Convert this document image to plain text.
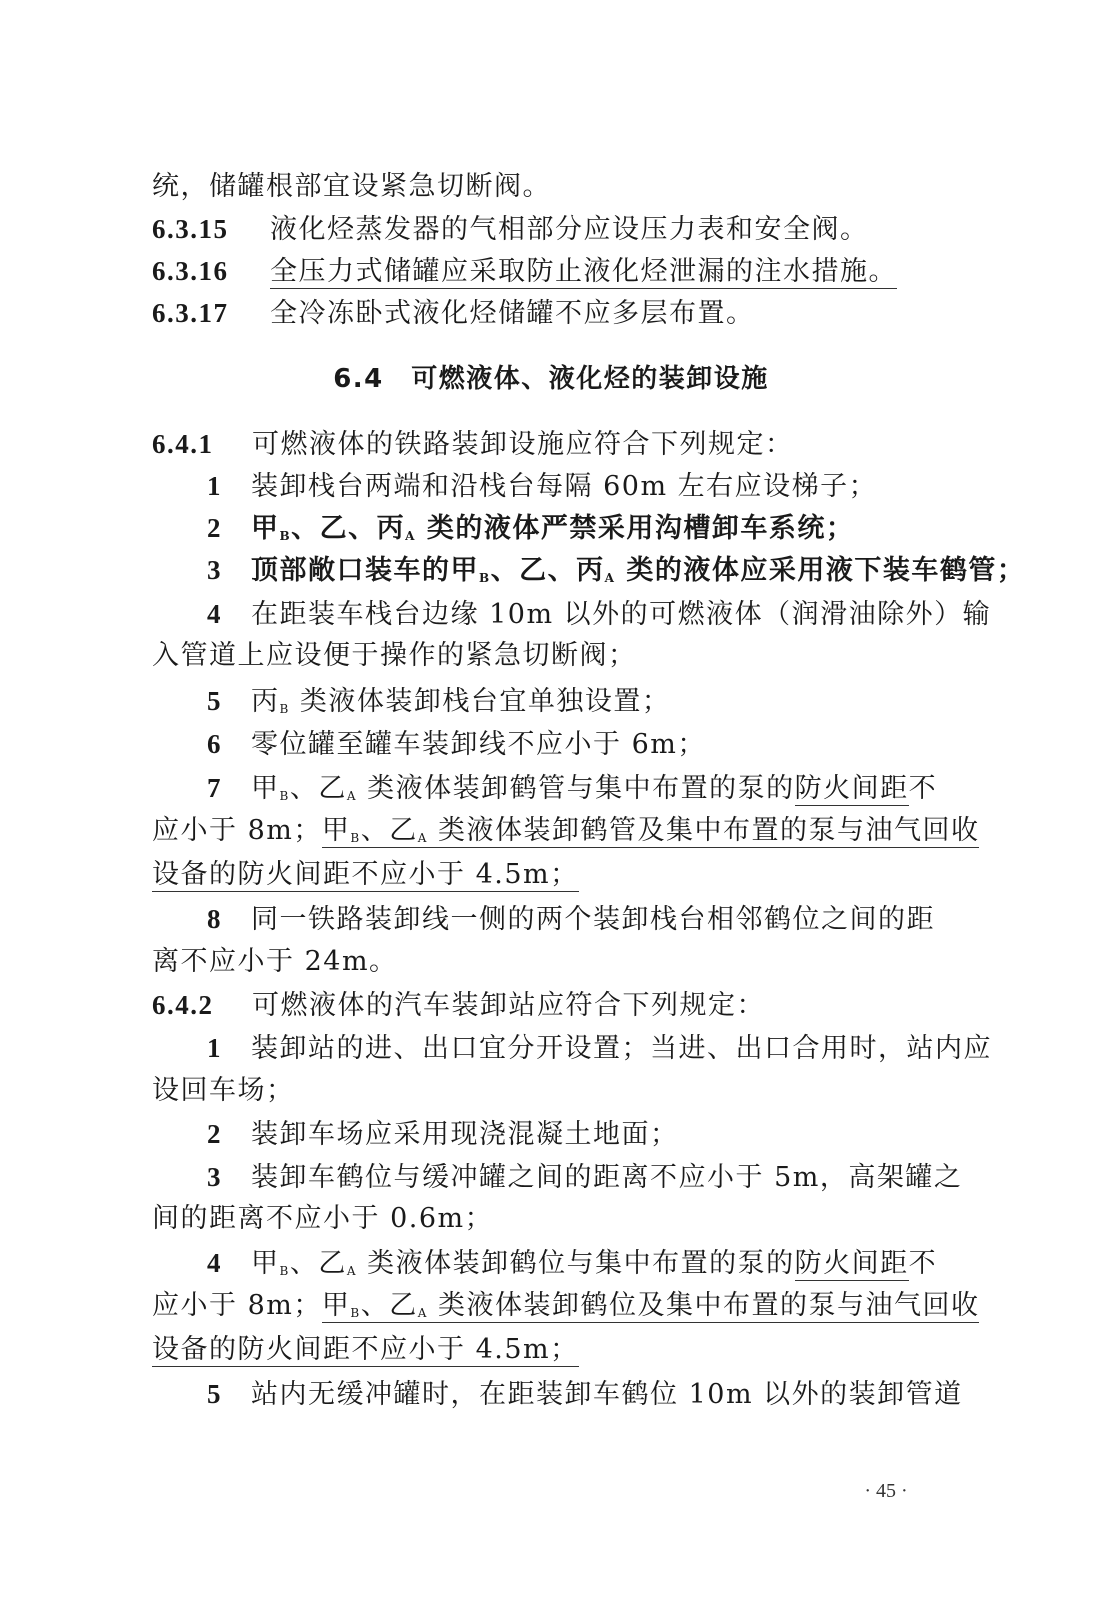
统，储罐根部宜设紧急切断阀。
6.3.15 液化烃蒸发器的气相部分应设压力表和安全阀。
6.3.16 全压力式储罐应采取防止液化烃泄漏的注水措施。
6.3.17 全冷冻卧式液化烃储罐不应多层布置。
6.4　可燃液体、液化烃的装卸设施
6.4.1 可燃液体的铁路装卸设施应符合下列规定：
1 装卸栈台两端和沿栈台每隔 60m 左右应设梯子；
2 甲$_B$、乙、丙$_A$ 类的液体严禁采用沟槽卸车系统；
3 顶部敞口装车的甲$_B$、乙、丙$_A$ 类的液体应采用液下装车鹤管；
4 在距装车栈台边缘 10m 以外的可燃液体（润滑油除外）输
入管道上应设便于操作的紧急切断阀；
5 丙$_B$ 类液体装卸栈台宜单独设置；
6 零位罐至罐车装卸线不应小于 6m；
7 甲$_B$、乙$_A$ 类液体装卸鹤管与集中布置的泵的防火间距不
应小于 8m；甲$_B$、乙$_A$ 类液体装卸鹤管及集中布置的泵与油气回收
设备的防火间距不应小于 4.5m；
8 同一铁路装卸线一侧的两个装卸栈台相邻鹤位之间的距
离不应小于 24m。
6.4.2 可燃液体的汽车装卸站应符合下列规定：
1 装卸站的进、出口宜分开设置；当进、出口合用时，站内应
设回车场；
2 装卸车场应采用现浇混凝土地面；
3 装卸车鹤位与缓冲罐之间的距离不应小于 5m，高架罐之
间的距离不应小于 0.6m；
4 甲$_B$、乙$_A$ 类液体装卸鹤位与集中布置的泵的防火间距不
应小于 8m；甲$_B$、乙$_A$ 类液体装卸鹤位及集中布置的泵与油气回收
设备的防火间距不应小于 4.5m；
5 站内无缓冲罐时，在距装卸车鹤位 10m 以外的装卸管道
· 45 ·
